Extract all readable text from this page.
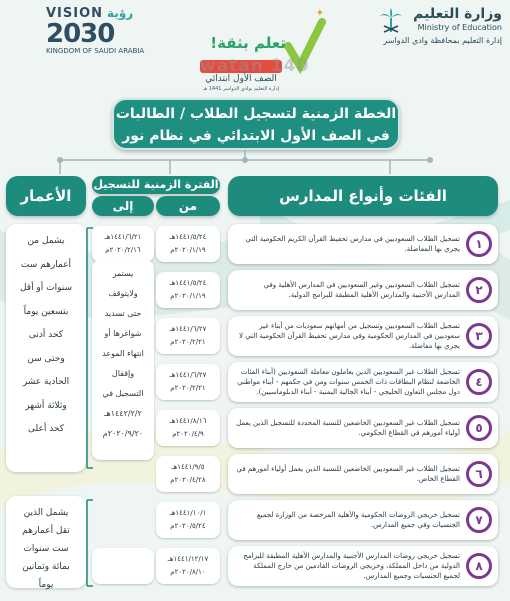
وزارة التعليم
Ministry of Education
إدارة التعليم بمحافظة وادي الدواسر
VISION رؤية
2030
KINGDOM OF SAUDI ARABIA
✦
تعلم بثقة!
الصف الأول ابتدائي
إدارة التعليم بوادي الدواسر 1441 هـ
watan 140
الخطة الزمنية لتسجيل الطلاب / الطالبات
في الصف الأول الابتدائي في نظام نور
الفئات وأنواع المدارس
الفترة الزمنية للتسجيل
من
إلى
الأعمار
١
تسجيل الطلاب السعوديين في مدارس تحفيظ القرآن الكريم الحكومية التي يجري بها المفاضلة.
٢
تسجيل الطلاب السعوديين وغير السعوديين في المدارس الأهلية وفي المدارس الأجنبية والمدارس الأهلية المطبقة للبرامج الدولية.
٣
تسجيل الطلاب السعوديين وتسجيل من أمهاتهم سعوديات من أبناء غير سعوديين في المدارس الحكومية وفي مدارس تحفيظ القرآن الحكومية التي لا يجري بها مفاضلة.
٤
تسجيل الطلاب غير السعوديين الذين يعاملون معاملة السعوديين (أبناء الفئات الخاضعة لنظام البطاقات ذات الخمس سنوات ومن في حكمهم - أبناء مواطني دول مجلس التعاون الخليجي - أبناء الجالية اليمنية - أبناء الدبلوماسيين).
٥
تسجيل الطلاب غير السعوديين الخاضعين للنسبة المحددة للتسجيل الذين يعمل أولياء أمورهم في القطاع الحكومي.
٦
تسجيل الطلاب غير السعوديين الخاضعين للنسبة الذين يعمل أولياء أمورهم في القطاع الخاص.
٧
تسجيل خريجي الروضات الحكومية والأهلية المرخصة من الوزارة لجميع الجنسيات وفي جميع المدارس.
٨
تسجيل خريجي روضات المدارس الأجنبية والمدارس الأهلية المطبقة للبرامج الدولية من داخل المملكة، وخريجي الروضات القادمين من خارج المملكة لجميع الجنسيات وجميع المدارس.
١٤٤١/٥/٢٤هـ
٢٠٢٠/١/١٩م
١٤٤١/٥/٢٤هـ
٢٠٢٠/١/١٩م
١٤٤١/٦/٢٧هـ
٢٠٢٠/٢/٢١م
١٤٤١/٦/٢٧هـ
٢٠٢٠/٢/٢١م
١٤٤١/٨/١٦هـ
٢٠٢٠/٤/٩م
١٤٤١/٩/٥هـ
٢٠٢٠/٤/٢٨م
١٤٤١/١٠/١هـ
٢٠٢٠/٥/٢٤م
١٤٤١/١٢/١٧هـ
٢٠٢٠/٨/١٠م
١٤٤١/٦/٢١هـ
٢٠٢٠/٢/١٦م
يستمر
ولايتوقف
حتى تسديد
شواغرها أو
انتهاء الموعد
وإقفال
التسجيل في
١٤٤٢/٢/٢هـ
٢٠٢٠/٩/٢٠م
يشمل من
أعمارهم ست
سنوات أو أقل
بتسعين يوماً
كحد أدنى
وحتى سن
الحادية عشر
وثلاثة أشهر
كحد أعلى
يشمل الذين
تقل أعمارهم
ست سنوات
بمائة وثمانين
يوماً
